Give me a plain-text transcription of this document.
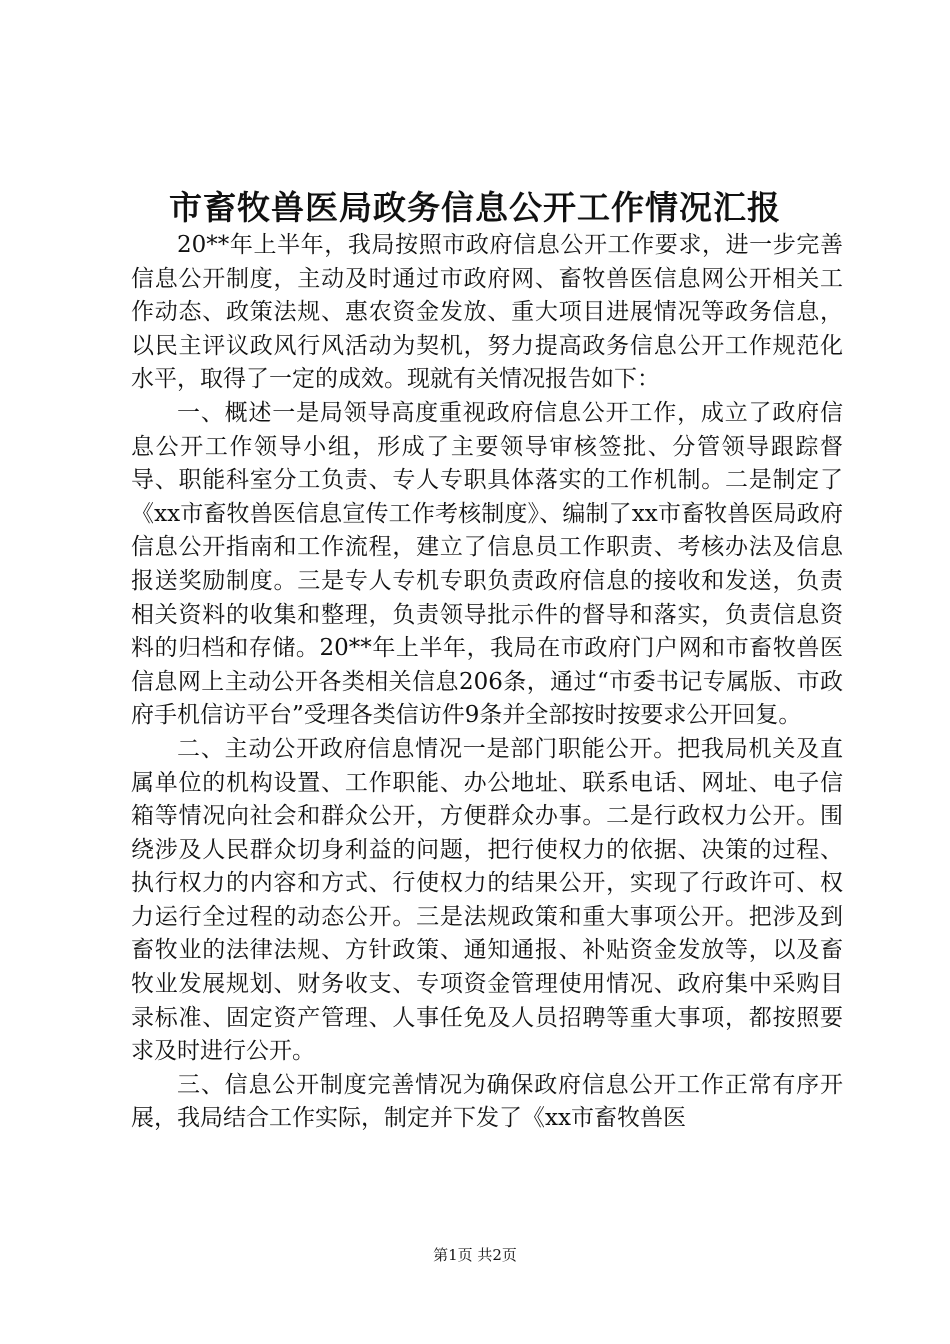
市畜牧兽医局政务信息公开工作情况汇报

20**年上半年，我局按照市政府信息公开工作要求，进一步完善信息公开制度，主动及时通过市政府网、畜牧兽医信息网公开相关工作动态、政策法规、惠农资金发放、重大项目进展情况等政务信息，以民主评议政风行风活动为契机，努力提高政务信息公开工作规范化水平，取得了一定的成效。现就有关情况报告如下：

一、概述一是局领导高度重视政府信息公开工作，成立了政府信息公开工作领导小组，形成了主要领导审核签批、分管领导跟踪督导、职能科室分工负责、专人专职具体落实的工作机制。二是制定了《xx市畜牧兽医信息宣传工作考核制度》、编制了xx市畜牧兽医局政府信息公开指南和工作流程，建立了信息员工作职责、考核办法及信息报送奖励制度。三是专人专机专职负责政府信息的接收和发送，负责相关资料的收集和整理，负责领导批示件的督导和落实，负责信息资料的归档和存储。20**年上半年，我局在市政府门户网和市畜牧兽医信息网上主动公开各类相关信息206条，通过“市委书记专属版、市政府手机信访平台”受理各类信访件9条并全部按时按要求公开回复。

二、主动公开政府信息情况一是部门职能公开。把我局机关及直属单位的机构设置、工作职能、办公地址、联系电话、网址、电子信箱等情况向社会和群众公开，方便群众办事。二是行政权力公开。围绕涉及人民群众切身利益的问题，把行使权力的依据、决策的过程、执行权力的内容和方式、行使权力的结果公开，实现了行政许可、权力运行全过程的动态公开。三是法规政策和重大事项公开。把涉及到畜牧业的法律法规、方针政策、通知通报、补贴资金发放等，以及畜牧业发展规划、财务收支、专项资金管理使用情况、政府集中采购目录标准、固定资产管理、人事任免及人员招聘等重大事项，都按照要求及时进行公开。

三、信息公开制度完善情况为确保政府信息公开工作正常有序开展，我局结合工作实际，制定并下发了《xx市畜牧兽医

第1页 共2页
